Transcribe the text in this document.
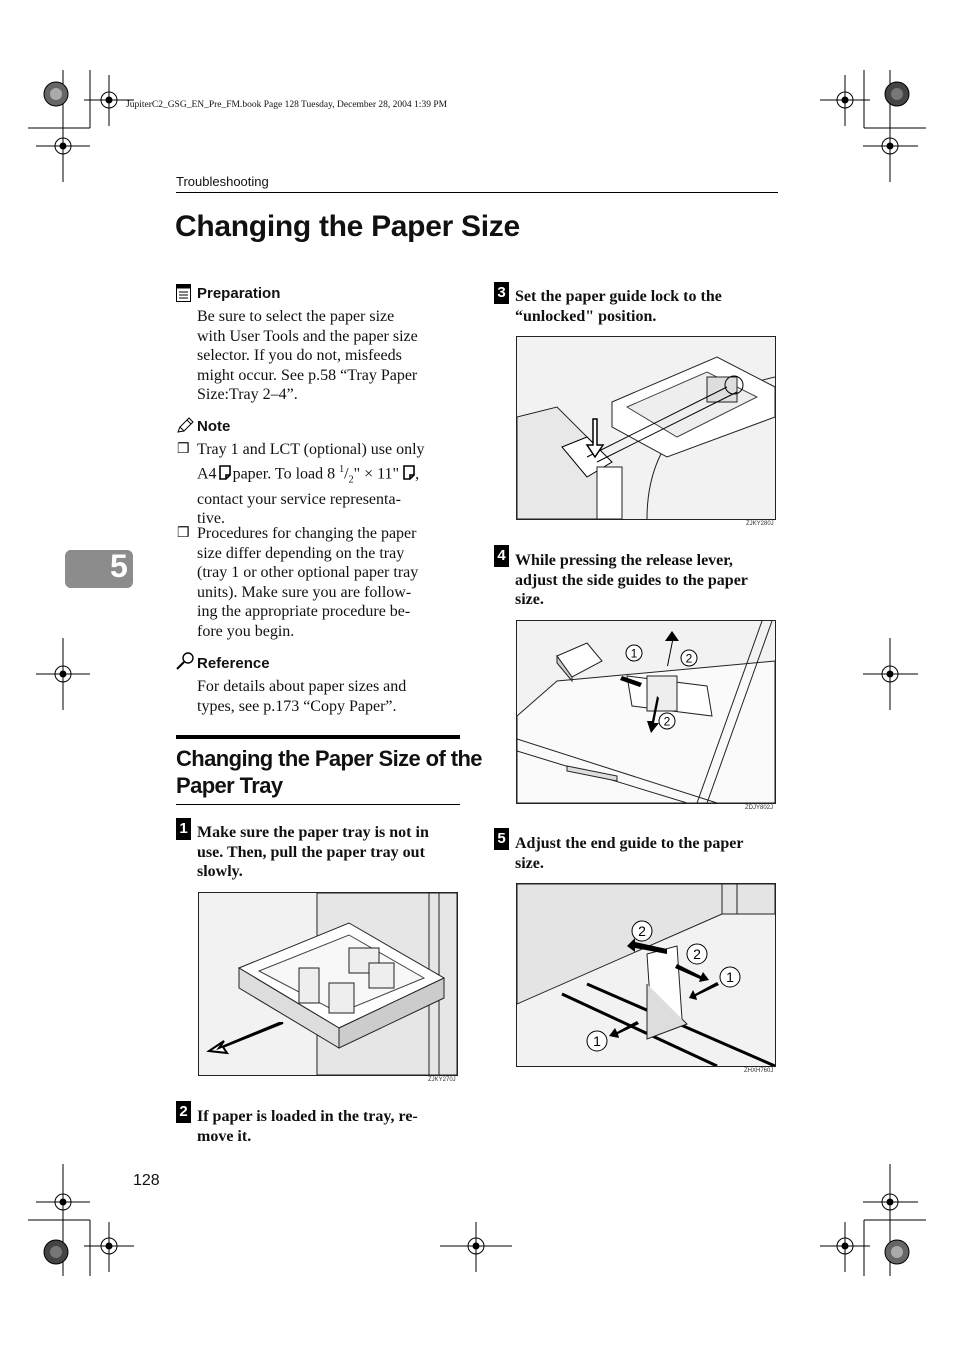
JupiterC2_GSG_EN_Pre_FM.book Page 128 Tuesday, December 28, 2004 1:39 PM
Troubleshooting
Changing the Paper Size
5
Preparation
Be sure to select the paper size
with User Tools and the paper size
selector. If you do not, misfeeds
might occur. See p.58 “Tray Paper
Size:Tray 2–4”.
Note
❒ Tray 1 and LCT (optional) use only
A4 paper. To load 8 $^1/_2$" × 11" ,
contact your service representa-
tive.
❒ Procedures for changing the paper
size differ depending on the tray
(tray 1 or other optional paper tray
units). Make sure you are follow-
ing the appropriate procedure be-
fore you begin.
Reference
For details about paper sizes and
types, see p.173 “Copy Paper”.
Changing the Paper Size of the
Paper Tray
1 Make sure the paper tray is not in
use. Then, pull the paper tray out
slowly.
ZJKY270J
2 If paper is loaded in the tray, re-
move it.
3 Set the paper guide lock to the
“unlocked" position.
ZJKY280J
4 While pressing the release lever,
adjust the side guides to the paper
size.
1	2
2
ZDJY802J
5 Adjust the end guide to the paper
size.
2
2
1
1
ZHXH760J
128
